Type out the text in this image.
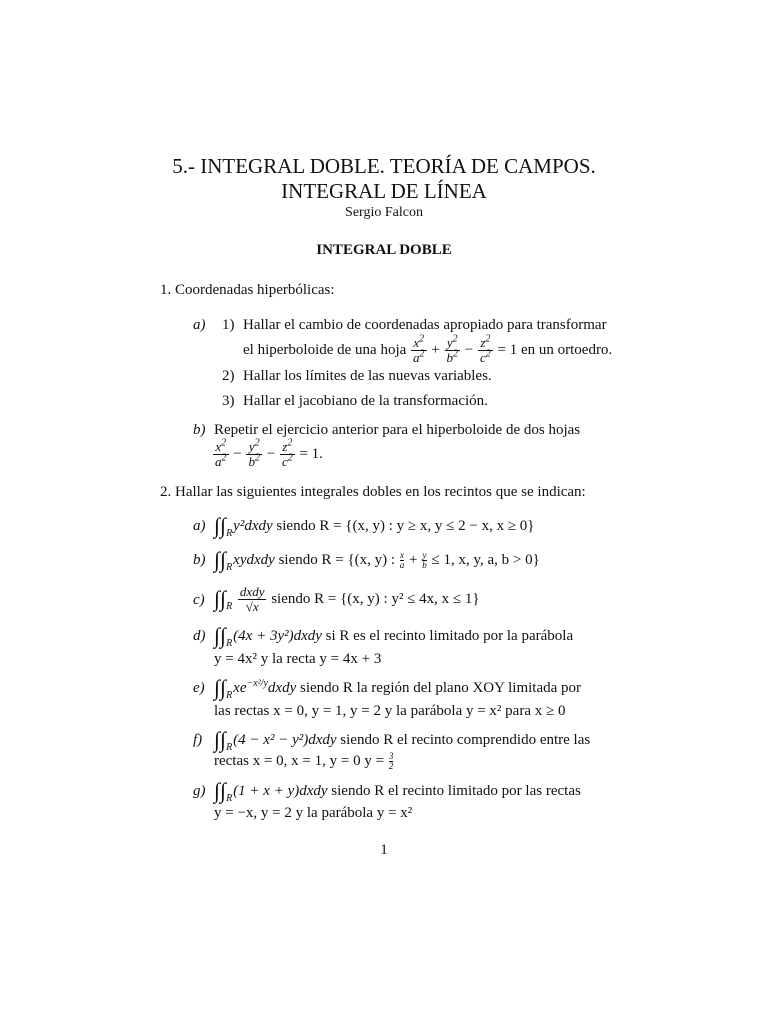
5.- INTEGRAL DOBLE. TEORÍA DE CAMPOS.
INTEGRAL DE LÍNEA
Sergio Falcon
INTEGRAL DOBLE
1. Coordenadas hiperbólicas:
a) 1) Hallar el cambio de coordenadas apropiado para transformar
el hiperboloide de una hoja $\frac{x^2}{a^2} + \frac{y^2}{b^2} - \frac{z^2}{c^2} = 1$ en un ortoedro.
2) Hallar los límites de las nuevas variables.
3) Hallar el jacobiano de la transformación.
b) Repetir el ejercicio anterior para el hiperboloide de dos hojas
$\frac{x^2}{a^2} - \frac{y^2}{b^2} - \frac{z^2}{c^2} = 1$.
2. Hallar las siguientes integrales dobles en los recintos que se indican:
a) $\int\int_Ry^2dxdy$ siendo R = {(x, y) : y ≥ x, y ≤ 2 − x, x ≥ 0}
b) $\int\int_Rxydxdy$ siendo R = {(x, y) : $\frac{x}{a} + \frac{y}{b} \le 1$, x, y, a, b > 0}
c) $\int\int_R \frac{\text{dxdy}}{√x}$ siendo R = {(x, y) : y² ≤ 4x, x ≤ 1}
d) $\int\int_R(4x$ + 3y²)dxdy si R es el recinto limitado por la parábola
y = 4x² y la recta y = 4x + 3
e) $\int\int_Rxe^{-x^2/y}dxdy$ siendo R la región del plano XOY limitada por
las rectas x = 0, y = 1, y = 2 y la parábola y = x² para x ≥ 0
f) $\int\int_R(4 - x^2$ − y²)dxdy siendo R el recinto comprendido entre las
rectas x = 0, x = 1, y = 0 $y = \frac{3}{2}$
g) $\int\int_R(1 + x$ + y)dxdy siendo R el recinto limitado por las rectas
y = −x, y = 2 y la parábola y = x²
1
